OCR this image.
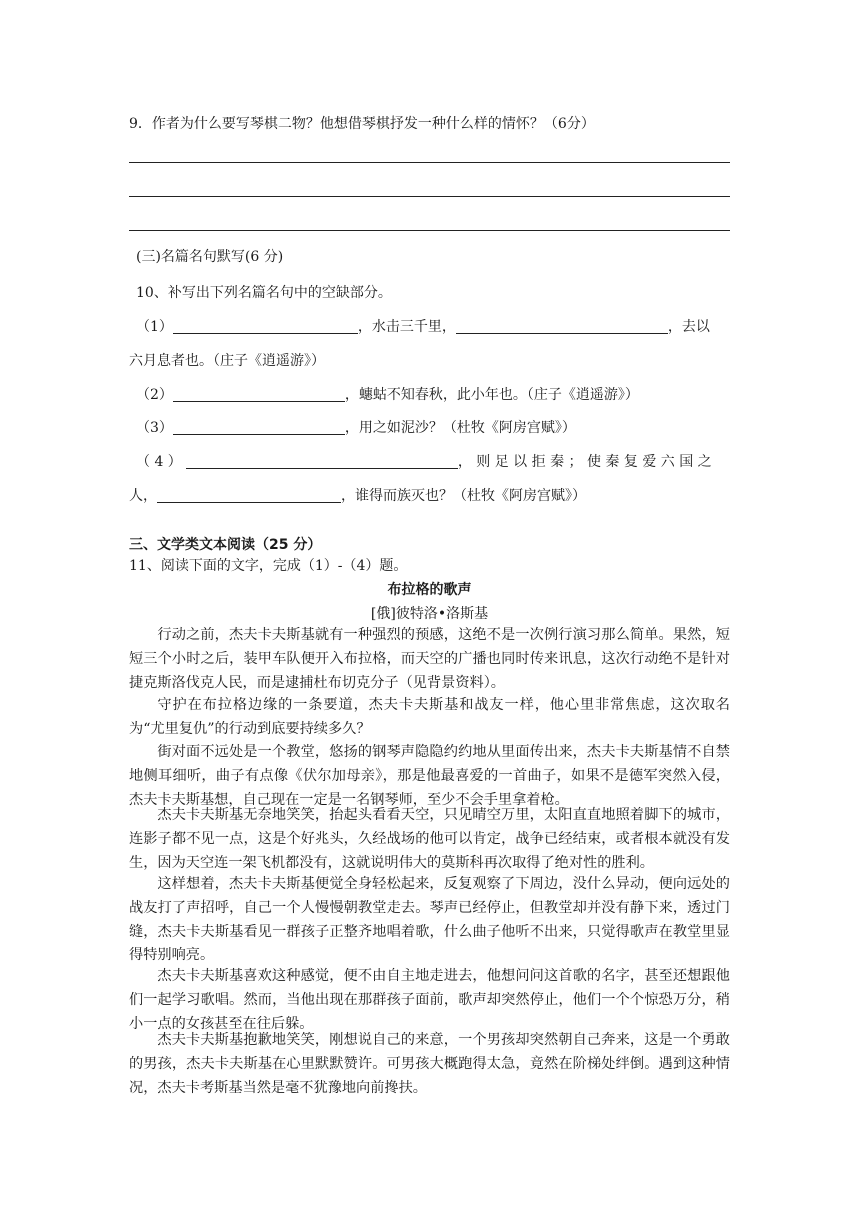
9．作者为什么要写琴棋二物？他想借琴棋抒发一种什么样的情怀？（6分）
(三)名篇名句默写(6 分)
10、补写出下列名篇名句中的空缺部分。
（1）	，水击三千里，	，去以
六月息者也。（庄子《逍遥游》）
（2）	，蟪蛄不知春秋，此小年也。（庄子《逍遥游》）
（3）	，用之如泥沙？（杜牧《阿房宫赋》）
（ 4 ）	， 则 足 以 拒 秦 ； 使 秦 复 爱 六 国 之
人，	，谁得而族灭也？（杜牧《阿房宫赋》）
三、文学类文本阅读（25 分）
11、阅读下面的文字，完成（1）-（4）题。
布拉格的歌声
[俄]彼特洛•洛斯基
行动之前，杰夫卡夫斯基就有一种强烈的预感，这绝不是一次例行演习那么简单。果然，短短三个小时之后，装甲车队便开入布拉格，而天空的广播也同时传来讯息，这次行动绝不是针对捷克斯洛伐克人民，而是逮捕杜布切克分子（见背景资料）。
守护在布拉格边缘的一条要道，杰夫卡夫斯基和战友一样，他心里非常焦虑，这次取名为“尤里复仇”的行动到底要持续多久？
街对面不远处是一个教堂，悠扬的钢琴声隐隐约约地从里面传出来，杰夫卡夫斯基情不自禁地侧耳细听，曲子有点像《伏尔加母亲》，那是他最喜爱的一首曲子，如果不是德军突然入侵，杰夫卡夫斯基想，自己现在一定是一名钢琴师，至少不会手里拿着枪。
杰夫卡夫斯基无奈地笑笑，抬起头看看天空，只见晴空万里，太阳直直地照着脚下的城市，连影子都不见一点，这是个好兆头，久经战场的他可以肯定，战争已经结束，或者根本就没有发生，因为天空连一架飞机都没有，这就说明伟大的莫斯科再次取得了绝对性的胜利。
这样想着，杰夫卡夫斯基便觉全身轻松起来，反复观察了下周边，没什么异动，便向远处的战友打了声招呼，自己一个人慢慢朝教堂走去。琴声已经停止，但教堂却并没有静下来，透过门缝，杰夫卡夫斯基看见一群孩子正整齐地唱着歌，什么曲子他听不出来，只觉得歌声在教堂里显得特别响亮。
杰夫卡夫斯基喜欢这种感觉，便不由自主地走进去，他想问问这首歌的名字，甚至还想跟他们一起学习歌唱。然而，当他出现在那群孩子面前，歌声却突然停止，他们一个个惊恐万分，稍小一点的女孩甚至在往后躲。
杰夫卡夫斯基抱歉地笑笑，刚想说自己的来意，一个男孩却突然朝自己奔来，这是一个勇敢的男孩，杰夫卡夫斯基在心里默默赞许。可男孩大概跑得太急，竟然在阶梯处绊倒。遇到这种情况，杰夫卡考斯基当然是毫不犹豫地向前搀扶。
